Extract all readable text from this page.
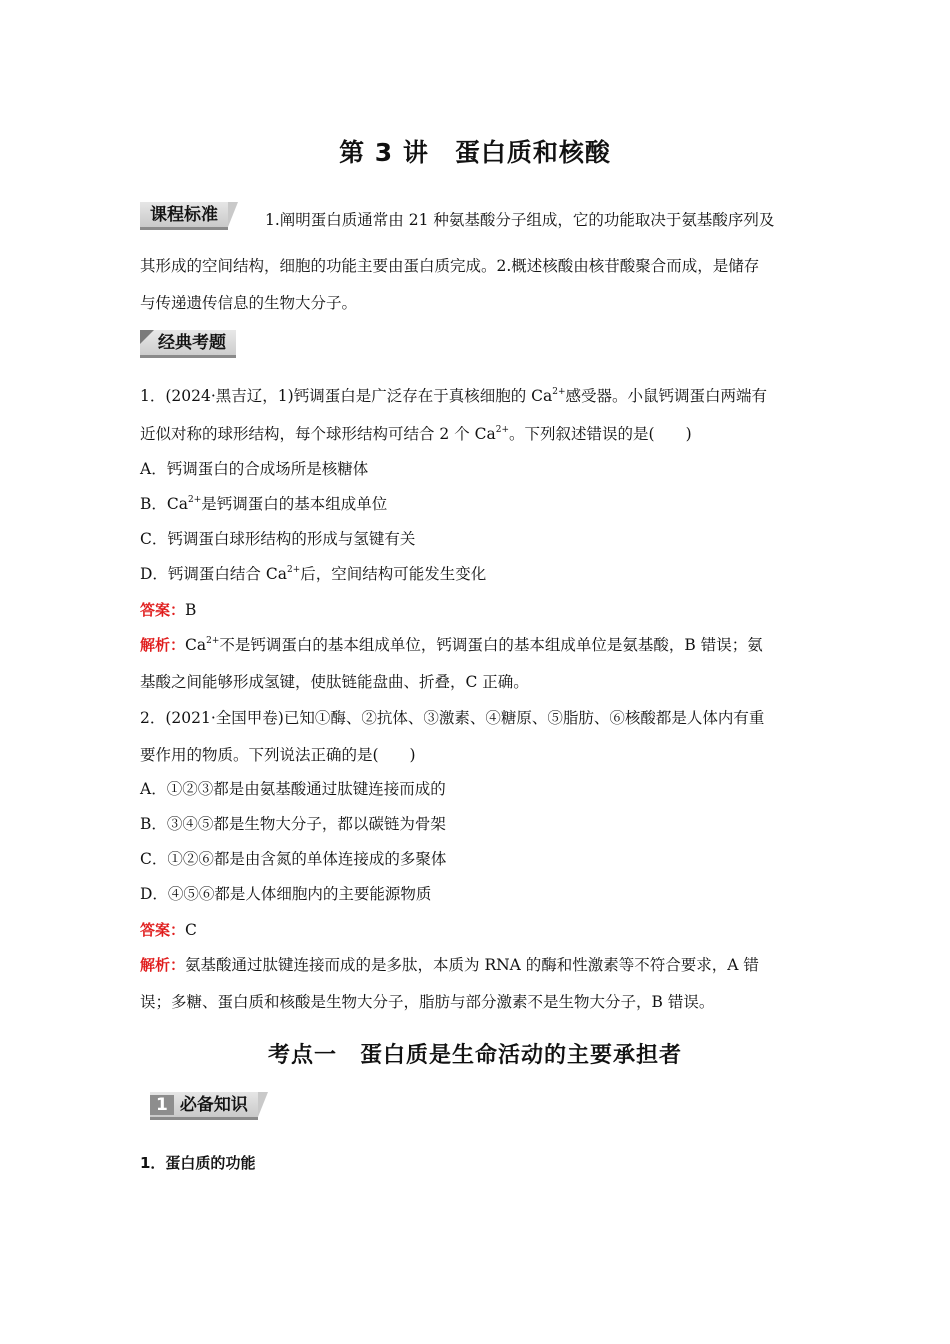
第 3 讲　蛋白质和核酸
课程标准	1.阐明蛋白质通常由 21 种氨基酸分子组成，它的功能取决于氨基酸序列及
其形成的空间结构，细胞的功能主要由蛋白质完成。2.概述核酸由核苷酸聚合而成，是储存
与传递遗传信息的生物大分子。
经典考题
1．(2024·黑吉辽，1)钙调蛋白是广泛存在于真核细胞的 $Ca^{2+}$感受器。小鼠钙调蛋白两端有
近似对称的球形结构，每个球形结构可结合 2 个 $Ca^{2+}$。下列叙述错误的是(　　)
A．钙调蛋白的合成场所是核糖体
B．$Ca^{2+}$是钙调蛋白的基本组成单位
C．钙调蛋白球形结构的形成与氢键有关
D．钙调蛋白结合 $Ca^{2+}$后，空间结构可能发生变化
答案：B
解析：$Ca^{2+}$不是钙调蛋白的基本组成单位，钙调蛋白的基本组成单位是氨基酸，B 错误；氨
基酸之间能够形成氢键，使肽链能盘曲、折叠，C 正确。
2．(2021·全国甲卷)已知①酶、②抗体、③激素、④糖原、⑤脂肪、⑥核酸都是人体内有重
要作用的物质。下列说法正确的是(　　)
A．①②③都是由氨基酸通过肽键连接而成的
B．③④⑤都是生物大分子，都以碳链为骨架
C．①②⑥都是由含氮的单体连接成的多聚体
D．④⑤⑥都是人体细胞内的主要能源物质
答案：C
解析：氨基酸通过肽键连接而成的是多肽，本质为 RNA 的酶和性激素等不符合要求，A 错
误；多糖、蛋白质和核酸是生物大分子，脂肪与部分激素不是生物大分子，B 错误。
考点一　蛋白质是生命活动的主要承担者
1 必备知识
1．蛋白质的功能
